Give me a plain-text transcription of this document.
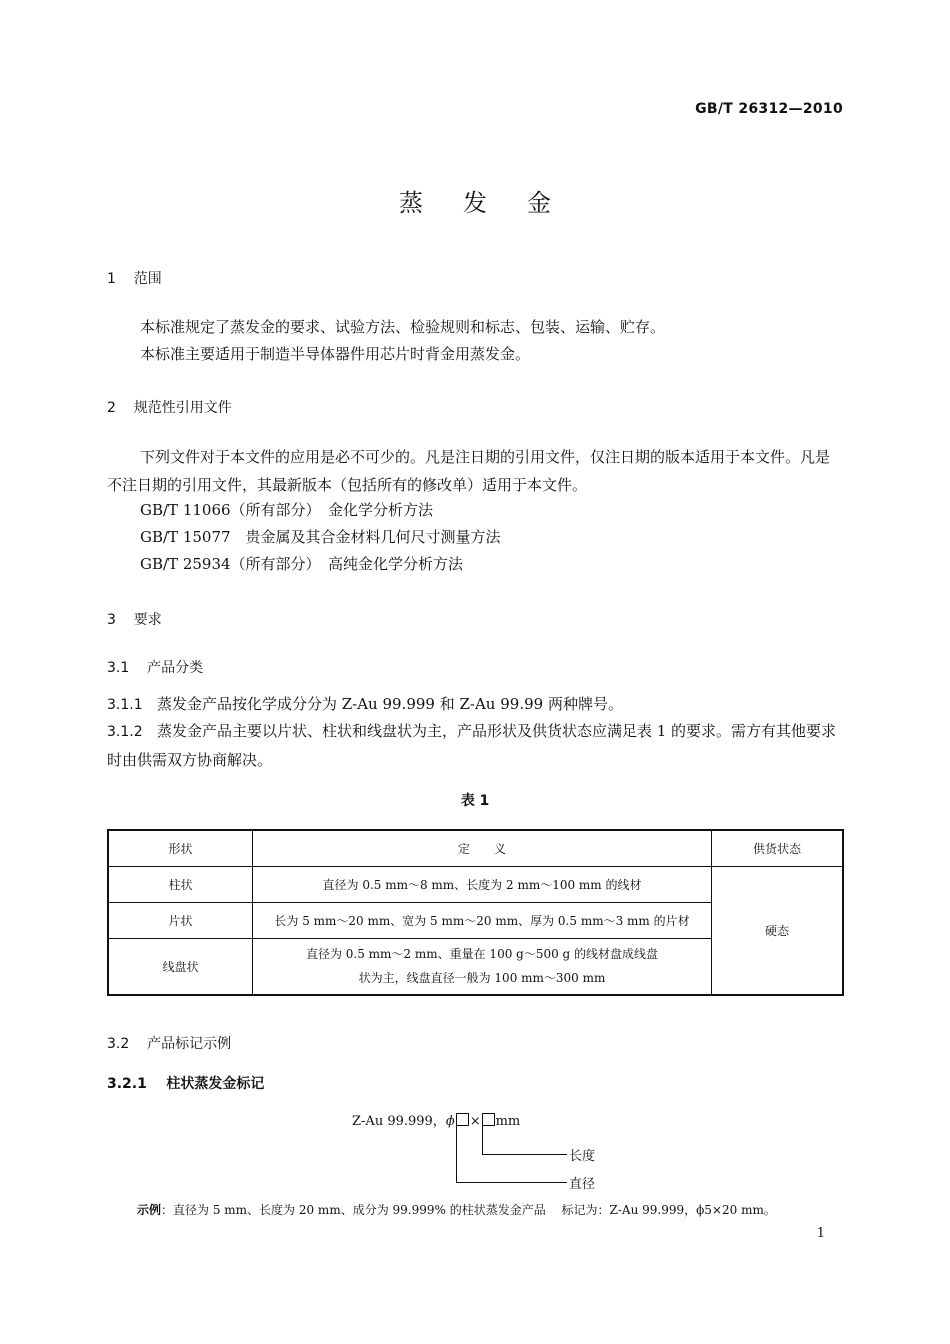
GB/T 26312—2010
蒸发金
1 范围
本标准规定了蒸发金的要求、试验方法、检验规则和标志、包装、运输、贮存。
本标准主要适用于制造半导体器件用芯片时背金用蒸发金。
2 规范性引用文件
下列文件对于本文件的应用是必不可少的。凡是注日期的引用文件，仅注日期的版本适用于本文件。凡是不注日期的引用文件，其最新版本（包括所有的修改单）适用于本文件。
GB/T 11066（所有部分）　金化学分析方法
GB/T 15077　贵金属及其合金材料几何尺寸测量方法
GB/T 25934（所有部分）　高纯金化学分析方法
3 要求
3.1 产品分类
3.1.1 蒸发金产品按化学成分分为 Z-Au 99.999 和 Z-Au 99.99 两种牌号。
3.1.2 蒸发金产品主要以片状、柱状和线盘状为主，产品形状及供货状态应满足表 1 的要求。需方有其他要求时由供需双方协商解决。
表 1
形状	定　　义	供货状态
柱状	直径为 0.5 mm～8 mm、长度为 2 mm～100 mm 的线材	硬态
片状	长为 5 mm～20 mm、宽为 5 mm～20 mm、厚为 0.5 mm～3 mm 的片材	
线盘状	直径为 0.5 mm～2 mm、重量在 100 g～500 g 的线材盘成线盘
状为主，线盘直径一般为 100 mm～300 mm	
3.2 产品标记示例
3.2.1 柱状蒸发金标记
Z-Au 99.999，ϕ × mm
长度
直径
示例：直径为 5 mm、长度为 20 mm、成分为 99.999% 的柱状蒸发金产品　 标记为：Z-Au 99.999，ϕ5×20 mm。
1
